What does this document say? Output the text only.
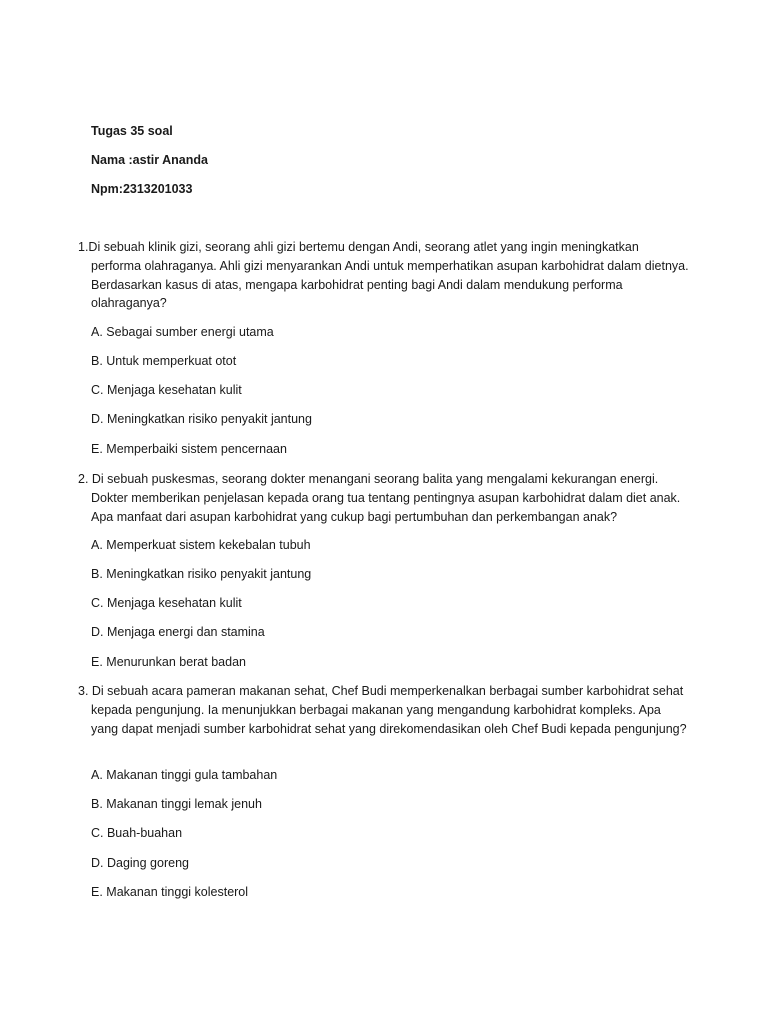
Tugas 35 soal
Nama :astir Ananda
Npm:2313201033

1.Di sebuah klinik gizi, seorang ahli gizi bertemu dengan Andi, seorang atlet yang ingin meningkatkan performa olahraganya. Ahli gizi menyarankan Andi untuk memperhatikan asupan karbohidrat dalam dietnya. Berdasarkan kasus di atas, mengapa karbohidrat penting bagi Andi dalam mendukung performa olahraganya?

A. Sebagai sumber energi utama
B. Untuk memperkuat otot
C. Menjaga kesehatan kulit
D. Meningkatkan risiko penyakit jantung
E. Memperbaiki sistem pencernaan

2. Di sebuah puskesmas, seorang dokter menangani seorang balita yang mengalami kekurangan energi. Dokter memberikan penjelasan kepada orang tua tentang pentingnya asupan karbohidrat dalam diet anak. Apa manfaat dari asupan karbohidrat yang cukup bagi pertumbuhan dan perkembangan anak?

A. Memperkuat sistem kekebalan tubuh
B. Meningkatkan risiko penyakit jantung
C. Menjaga kesehatan kulit
D. Menjaga energi dan stamina
E. Menurunkan berat badan

3. Di sebuah acara pameran makanan sehat, Chef Budi memperkenalkan berbagai sumber karbohidrat sehat kepada pengunjung. Ia menunjukkan berbagai makanan yang mengandung karbohidrat kompleks. Apa yang dapat menjadi sumber karbohidrat sehat yang direkomendasikan oleh Chef Budi kepada pengunjung?

A. Makanan tinggi gula tambahan
B. Makanan tinggi lemak jenuh
C. Buah-buahan
D. Daging goreng
E. Makanan tinggi kolesterol
